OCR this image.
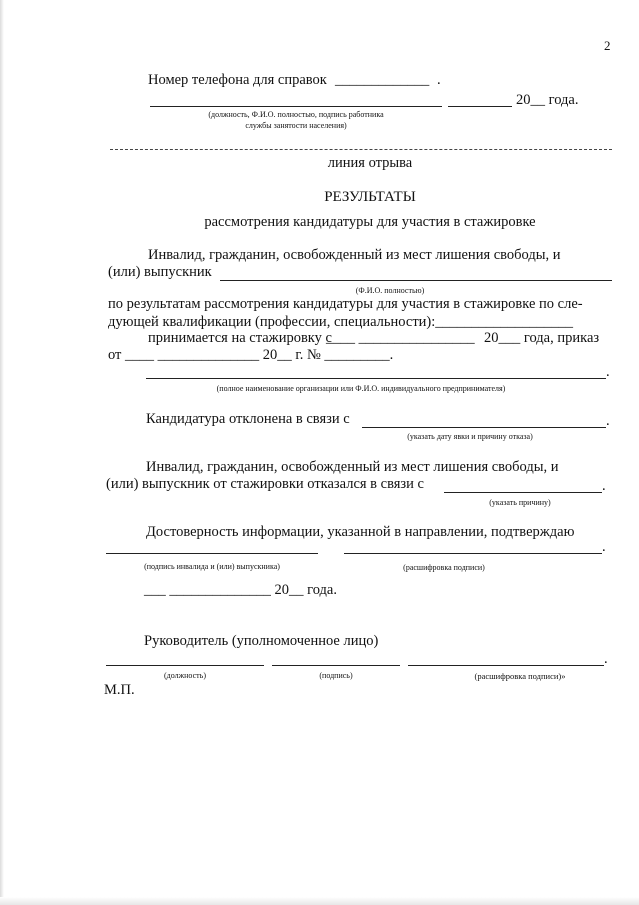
2
Номер телефона для справок _____________ .
20__ года.
(должность, Ф.И.О. полностью, подпись работника
службы занятости населения)
линия отрыва
РЕЗУЛЬТАТЫ
рассмотрения кандидатуры для участия в стажировке
Инвалид, гражданин, освобожденный из мест лишения свободы, и
(или) выпускник
(Ф.И.О. полностью)
по результатам рассмотрения кандидатуры для участия в стажировке по сле-
дующей квалификации (профессии, специальности):___________________
принимается на стажировку с
____ ________________ 20___ года, приказ
от ____ ______________ 20__ г. № _________.
.
(полное наименование организации или Ф.И.О. индивидуального предпринимателя)
Кандидатура отклонена в связи с	.
(указать дату явки и причину отказа)
Инвалид, гражданин, освобожденный из мест лишения свободы, и
(или) выпускник от стажировки отказался в связи с	.
(указать причину)
Достоверность информации, указанной в направлении, подтверждаю
.
(подпись инвалида и (или) выпускника)	(расшифровка подписи)
___ ______________ 20__ года.
Руководитель (уполномоченное лицо)
.
(должность)	(подпись)	(расшифровка подписи)»
М.П.
